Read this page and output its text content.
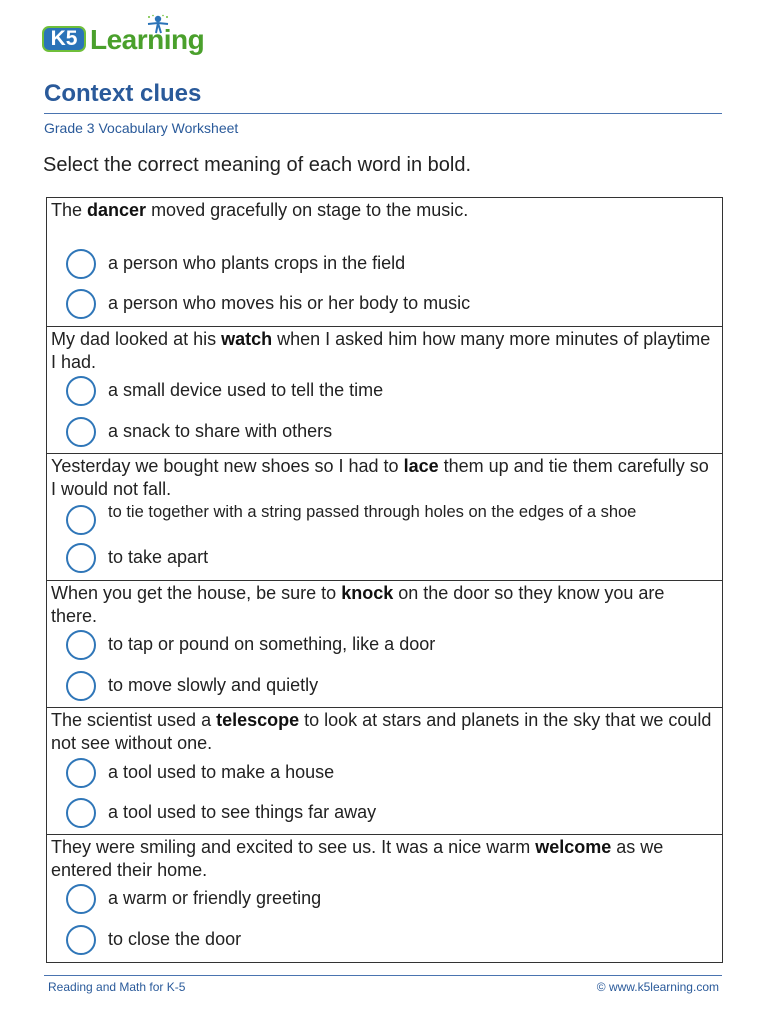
K5 Learning
Context clues
Grade 3 Vocabulary Worksheet
Select the correct meaning of each word in bold.
The dancer moved gracefully on stage to the music.
a person who plants crops in the field
a person who moves his or her body to music
My dad looked at his watch when I asked him how many more minutes of playtime I had.
a small device used to tell the time
a snack to share with others
Yesterday we bought new shoes so I had to lace them up and tie them carefully so I would not fall.
to tie together with a string passed through holes on the edges of a shoe
to take apart
When you get the house, be sure to knock on the door so they know you are there.
to tap or pound on something, like a door
to move slowly and quietly
The scientist used a telescope to look at stars and planets in the sky that we could not see without one.
a tool used to make a house
a tool used to see things far away
They were smiling and excited to see us. It was a nice warm welcome as we entered their home.
a warm or friendly greeting
to close the door
Reading and Math for K-5	© www.k5learning.com
